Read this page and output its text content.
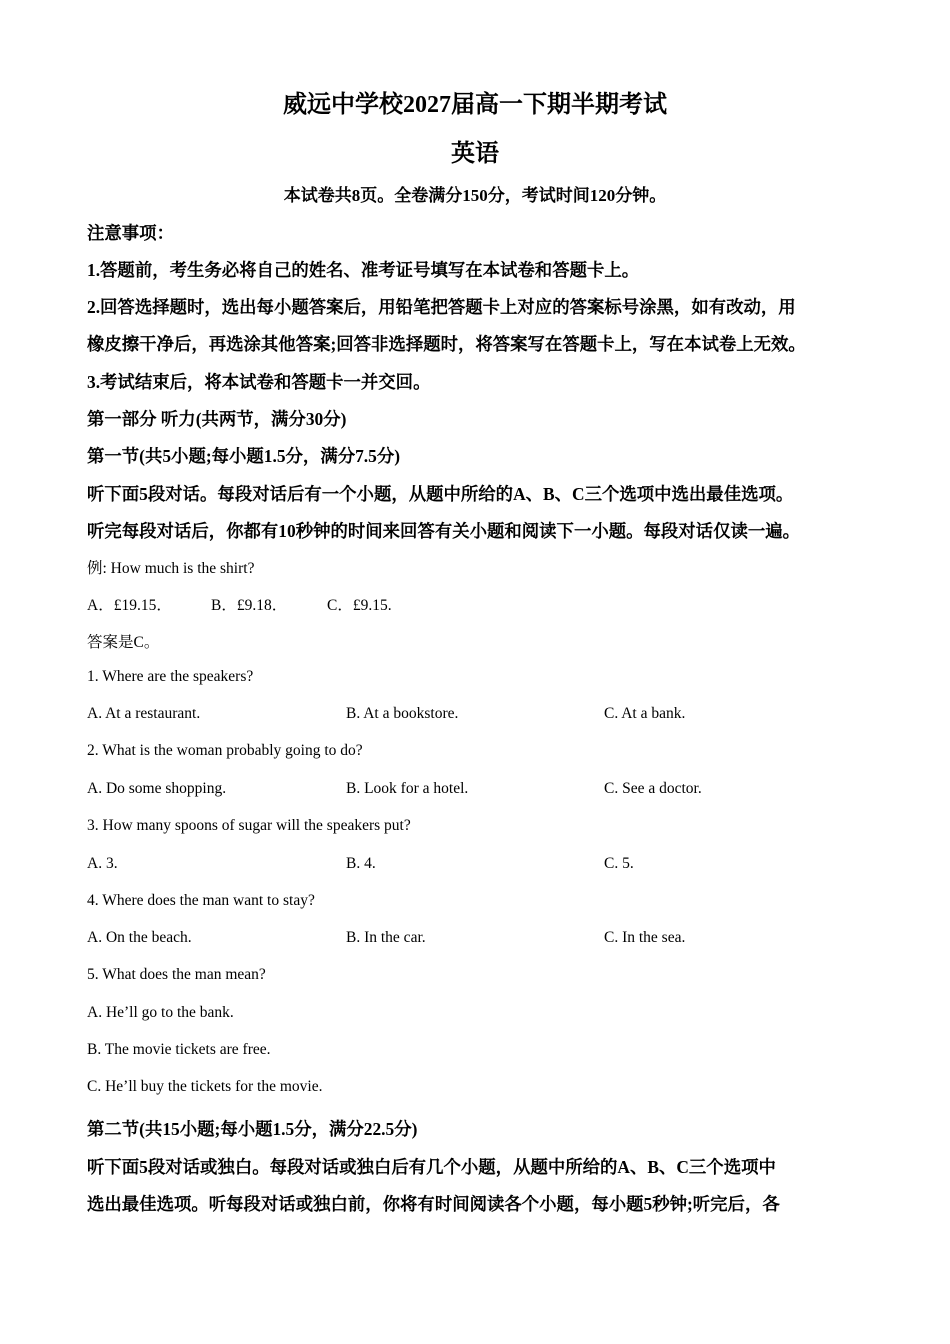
威远中学校2027届高一下期半期考试
英语
本试卷共8页。全卷满分150分，考试时间120分钟。
注意事项：
1.答题前，考生务必将自己的姓名、准考证号填写在本试卷和答题卡上。
2.回答选择题时，选出每小题答案后，用铅笔把答题卡上对应的答案标号涂黑，如有改动，用
橡皮擦干净后，再选涂其他答案;回答非选择题时，将答案写在答题卡上，写在本试卷上无效。
3.考试结束后，将本试卷和答题卡一并交回。
第一部分 听力(共两节，满分30分)
第一节(共5小题;每小题1.5分，满分7.5分)
听下面5段对话。每段对话后有一个小题，从题中所给的A、B、C三个选项中选出最佳选项。
听完每段对话后，你都有10秒钟的时间来回答有关小题和阅读下一小题。每段对话仅读一遍。
例: How much is the shirt?
A．£19.15．	B．£9.18．	C．£9.15.
答案是C。
1. Where are the speakers?
A. At a restaurant.	B. At a bookstore.	C. At a bank.
2. What is the woman probably going to do?
A. Do some shopping.	B. Look for a hotel.	C. See a doctor.
3. How many spoons of sugar will the speakers put?
A. 3.	B. 4.	C. 5.
4. Where does the man want to stay?
A. On the beach.	B. In the car.	C. In the sea.
5. What does the man mean?
A. He’ll go to the bank.
B. The movie tickets are free.
C. He’ll buy the tickets for the movie.
第二节(共15小题;每小题1.5分，满分22.5分)
听下面5段对话或独白。每段对话或独白后有几个小题，从题中所给的A、B、C三个选项中
选出最佳选项。听每段对话或独白前，你将有时间阅读各个小题，每小题5秒钟;听完后，各
